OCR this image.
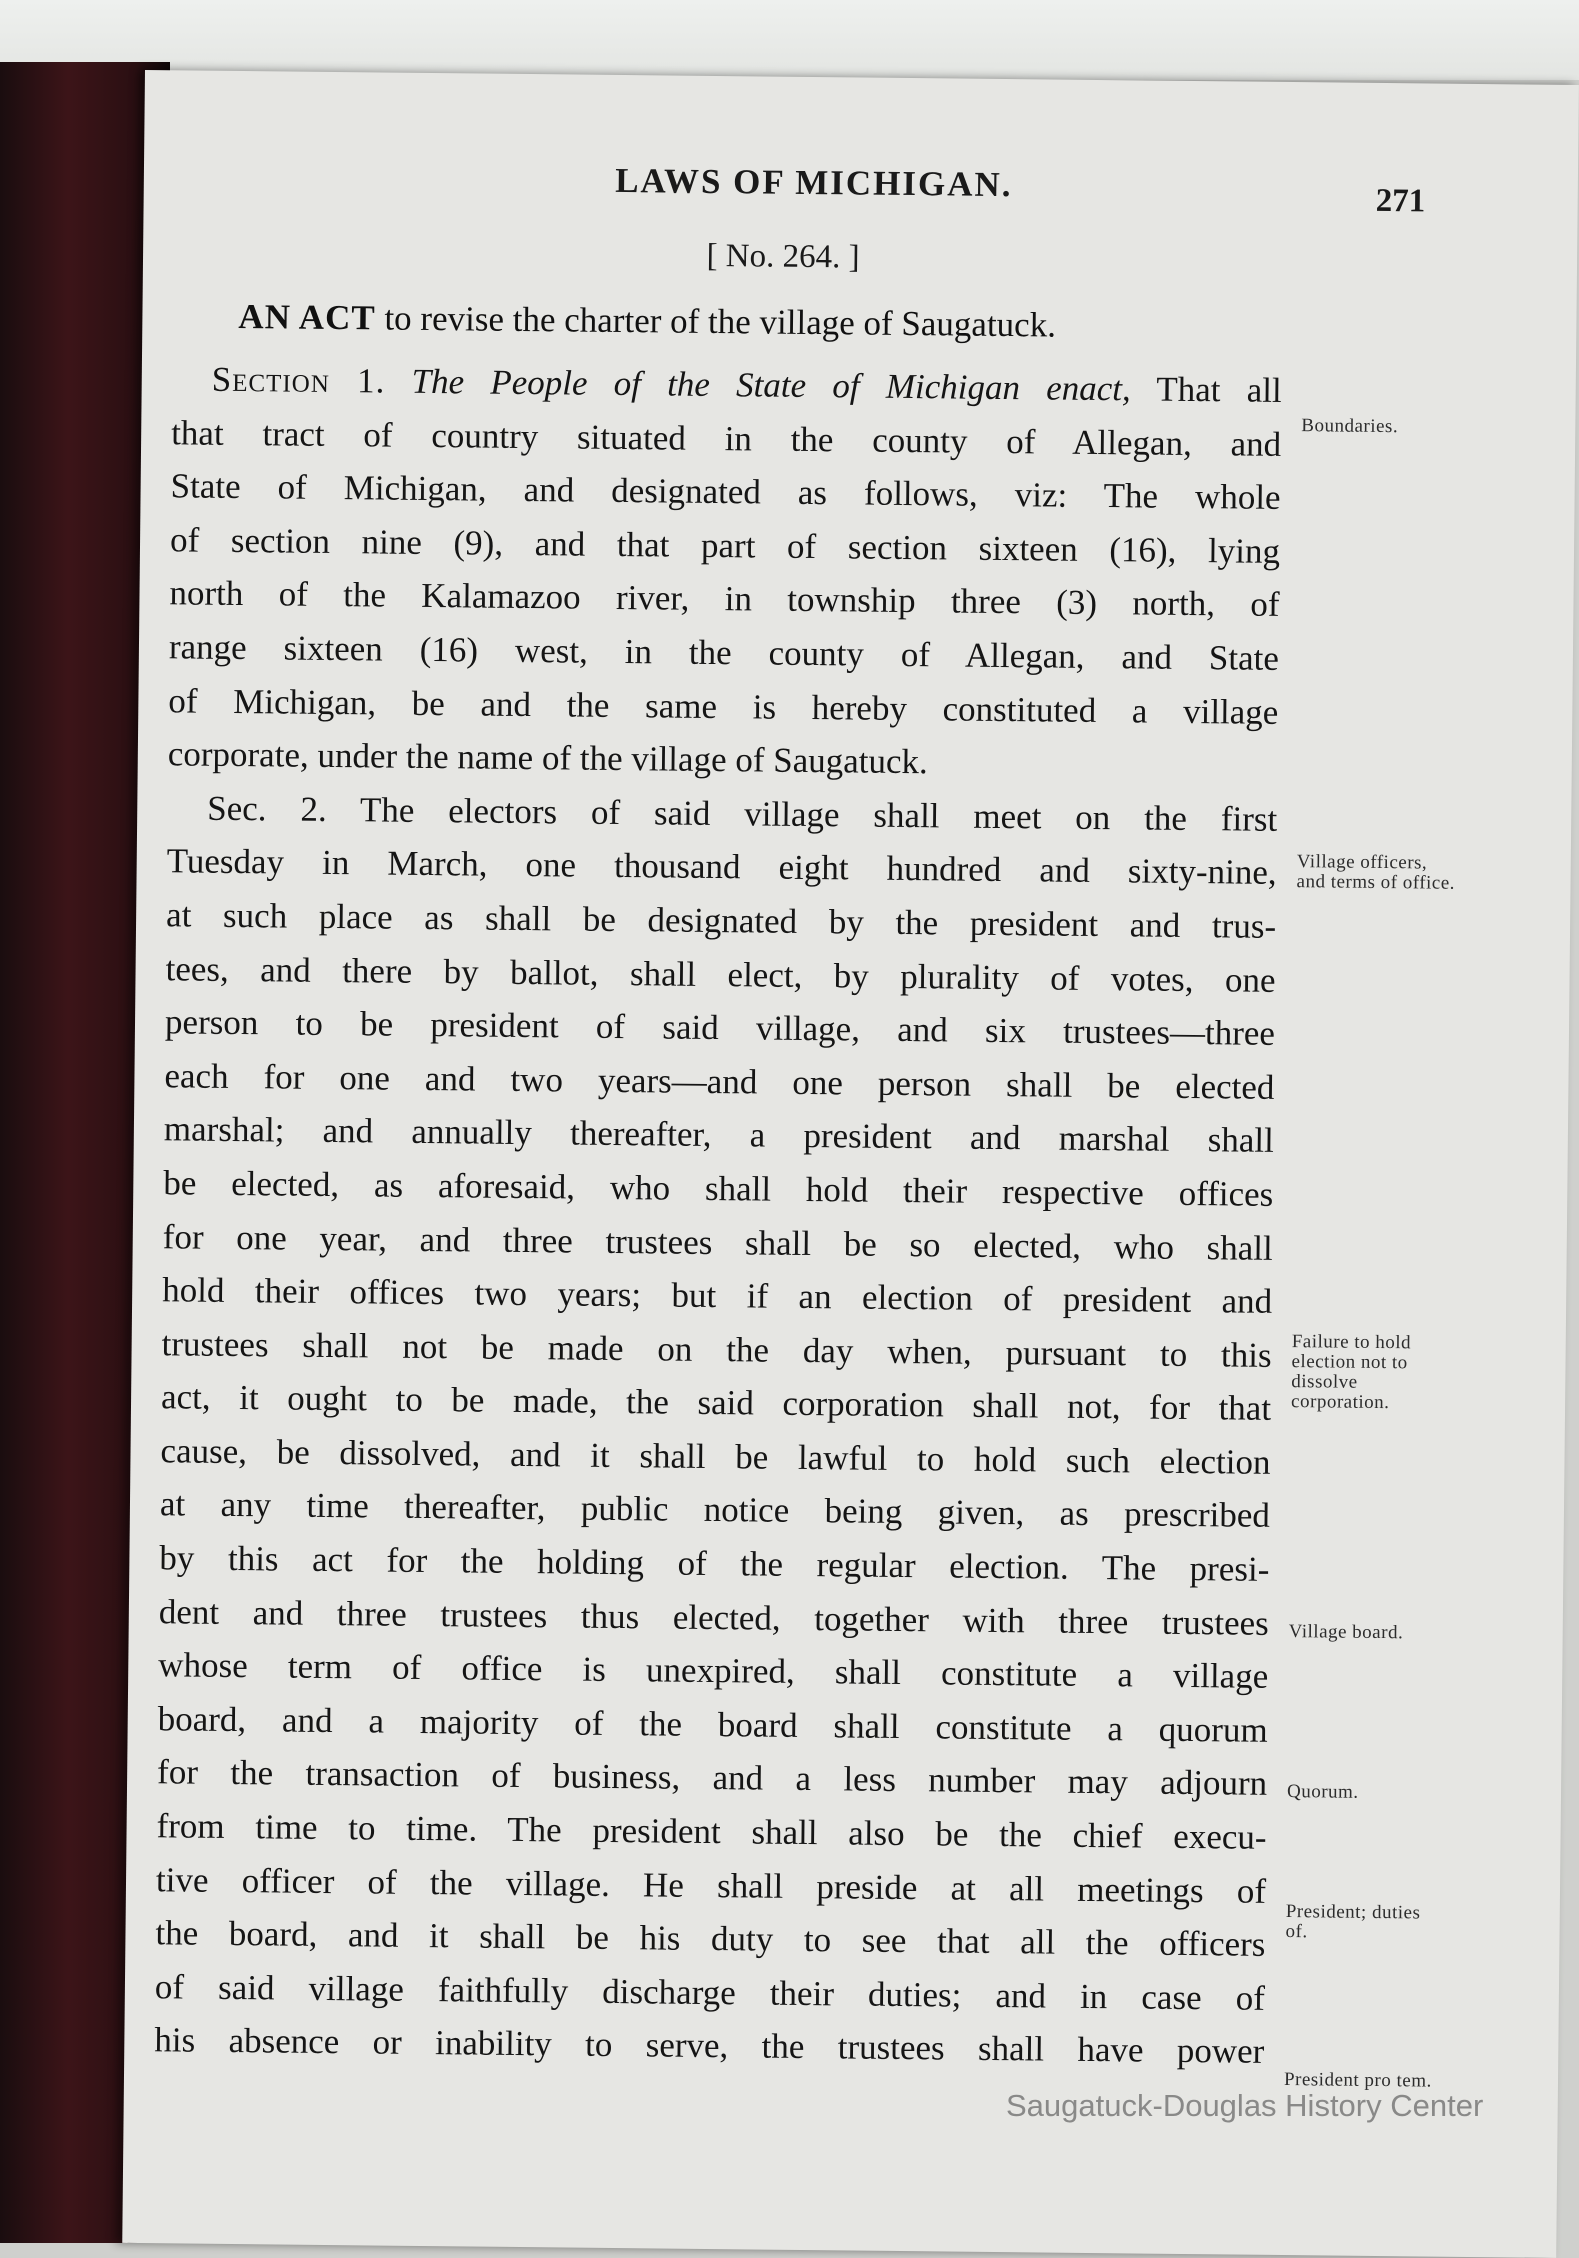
LAWS OF MICHIGAN.	271
[ No. 264. ]
AN ACT to revise the charter of the village of Saugatuck.
Section 1. The People of the State of Michigan enact, That all
that tract of country situated in the county of Allegan, and
State of Michigan, and designated as follows, viz: The whole
of section nine (9), and that part of section sixteen (16), lying
north of the Kalamazoo river, in township three (3) north, of
range sixteen (16) west, in the county of Allegan, and State
of Michigan, be and the same is hereby constituted a village
corporate, under the name of the village of Saugatuck.
Sec. 2. The electors of said village shall meet on the first
Tuesday in March, one thousand eight hundred and sixty-nine,
at such place as shall be designated by the president and trus-
tees, and there by ballot, shall elect, by plurality of votes, one
person to be president of said village, and six trustees—three
each for one and two years—and one person shall be elected
marshal; and annually thereafter, a president and marshal shall
be elected, as aforesaid, who shall hold their respective offices
for one year, and three trustees shall be so elected, who shall
hold their offices two years; but if an election of president and
trustees shall not be made on the day when, pursuant to this
act, it ought to be made, the said corporation shall not, for that
cause, be dissolved, and it shall be lawful to hold such election
at any time thereafter, public notice being given, as prescribed
by this act for the holding of the regular election. The presi-
dent and three trustees thus elected, together with three trustees
whose term of office is unexpired, shall constitute a village
board, and a majority of the board shall constitute a quorum
for the transaction of business, and a less number may adjourn
from time to time. The president shall also be the chief execu-
tive officer of the village. He shall preside at all meetings of
the board, and it shall be his duty to see that all the officers
of said village faithfully discharge their duties; and in case of
his absence or inability to serve, the trustees shall have power
Boundaries.
Village officers, and terms of office.
Failure to hold election not to dissolve corporation.
Village board.
Quorum.
President; duties of.
President pro tem.
Saugatuck-Douglas History Center
